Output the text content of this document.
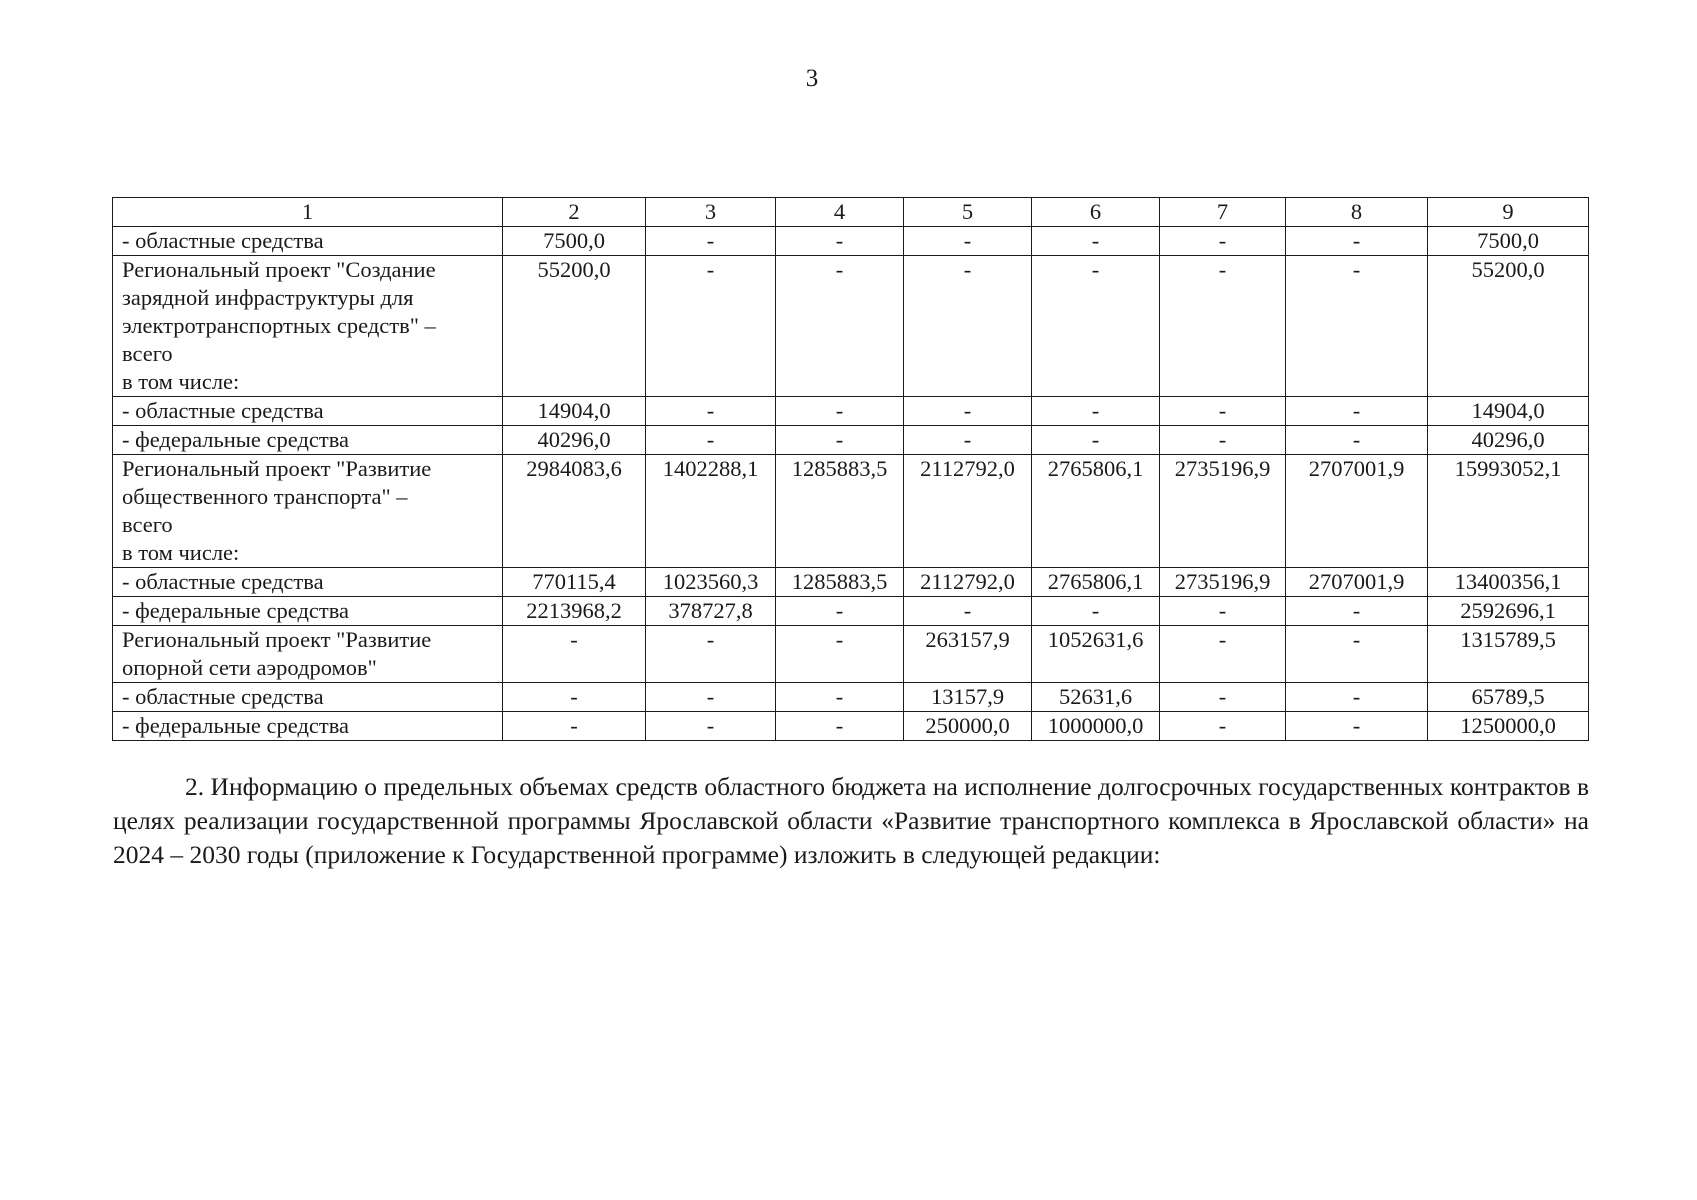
3
1	2	3	4	5	6	7	8	9
- областные средства	7500,0	-	-	-	-	-	-	7500,0

Региональный проект "Создание
зарядной инфраструктуры для
электротранспортных средств" –
всего
в том числе:	55200,0	-	-	-	-	-	-	55200,0
- областные средства	14904,0	-	-	-	-	-	-	14904,0
- федеральные средства	40296,0	-	-	-	-	-	-	40296,0

Региональный проект "Развитие
общественного транспорта" –
всего
в том числе:	2984083,6	1402288,1	1285883,5	2112792,0	2765806,1	2735196,9	2707001,9	15993052,1
- областные средства	770115,4	1023560,3	1285883,5	2112792,0	2765806,1	2735196,9	2707001,9	13400356,1
- федеральные средства	2213968,2	378727,8	-	-	-	-	-	2592696,1

Региональный проект "Развитие
опорной сети аэродромов"	-	-	-	263157,9	1052631,6	-	-	1315789,5
- областные средства	-	-	-	13157,9	52631,6	-	-	65789,5
- федеральные средства	-	-	-	250000,0	1000000,0	-	-	1250000,0

2. Информацию о предельных объемах средств областного бюджета на исполнение долгосрочных государственных контрактов в целях реализации государственной программы Ярославской области «Развитие транспортного комплекса в Ярославской области» на 2024 – 2030 годы (приложение к Государственной программе) изложить в следующей редакции:
